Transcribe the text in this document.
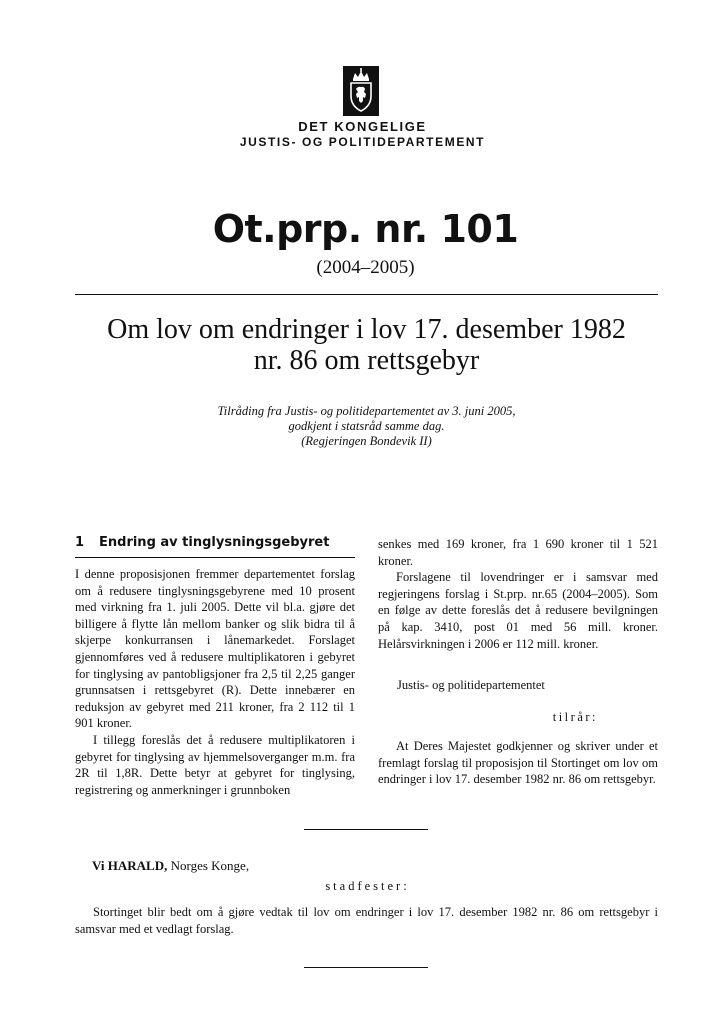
DET KONGELIGE
JUSTIS- OG POLITIDEPARTEMENT
Ot.prp. nr. 101
(2004–2005)
Om lov om endringer i lov 17. desember 1982
nr. 86 om rettsgebyr
Tilråding fra Justis- og politidepartementet av 3. juni 2005,
godkjent i statsråd samme dag.
(Regjeringen Bondevik II)
1 Endring av tinglysningsgebyret

I denne proposisjonen fremmer departementet forslag om å redusere tinglysningsgebyrene med 10 prosent med virkning fra 1. juli 2005. Dette vil bl.a. gjøre det billigere å flytte lån mellom banker og slik bidra til å skjerpe konkurransen i lånemarkedet. Forslaget gjennomføres ved å redusere multiplikatoren i gebyret for tinglysing av pantobligsjoner fra 2,5 til 2,25 ganger grunnsatsen i rettsgebyret (R). Dette innebærer en reduksjon av gebyret med 211 kroner, fra 2 112 til 1 901 kroner.

I tillegg foreslås det å redusere multiplikatoren i gebyret for tinglysing av hjemmelsoverganger m.m. fra 2R til 1,8R. Dette betyr at gebyret for tinglysing, registrering og anmerkninger i grunnboken

senkes med 169 kroner, fra 1 690 kroner til 1 521 kroner.

Forslagene til lovendringer er i samsvar med regjeringens forslag i St.prp. nr.65 (2004–2005). Som en følge av dette foreslås det å redusere bevilgningen på kap. 3410, post 01 med 56 mill. kroner. Helårsvirkningen i 2006 er 112 mill. kroner.

Justis- og politidepartementet
tilrår:

At Deres Majestet godkjenner og skriver under et fremlagt forslag til proposisjon til Stortinget om lov om endringer i lov 17. desember 1982 nr. 86 om rettsgebyr.

Vi HARALD, Norges Konge,
stadfester:

Stortinget blir bedt om å gjøre vedtak til lov om endringer i lov 17. desember 1982 nr. 86 om rettsgebyr i samsvar med et vedlagt forslag.
